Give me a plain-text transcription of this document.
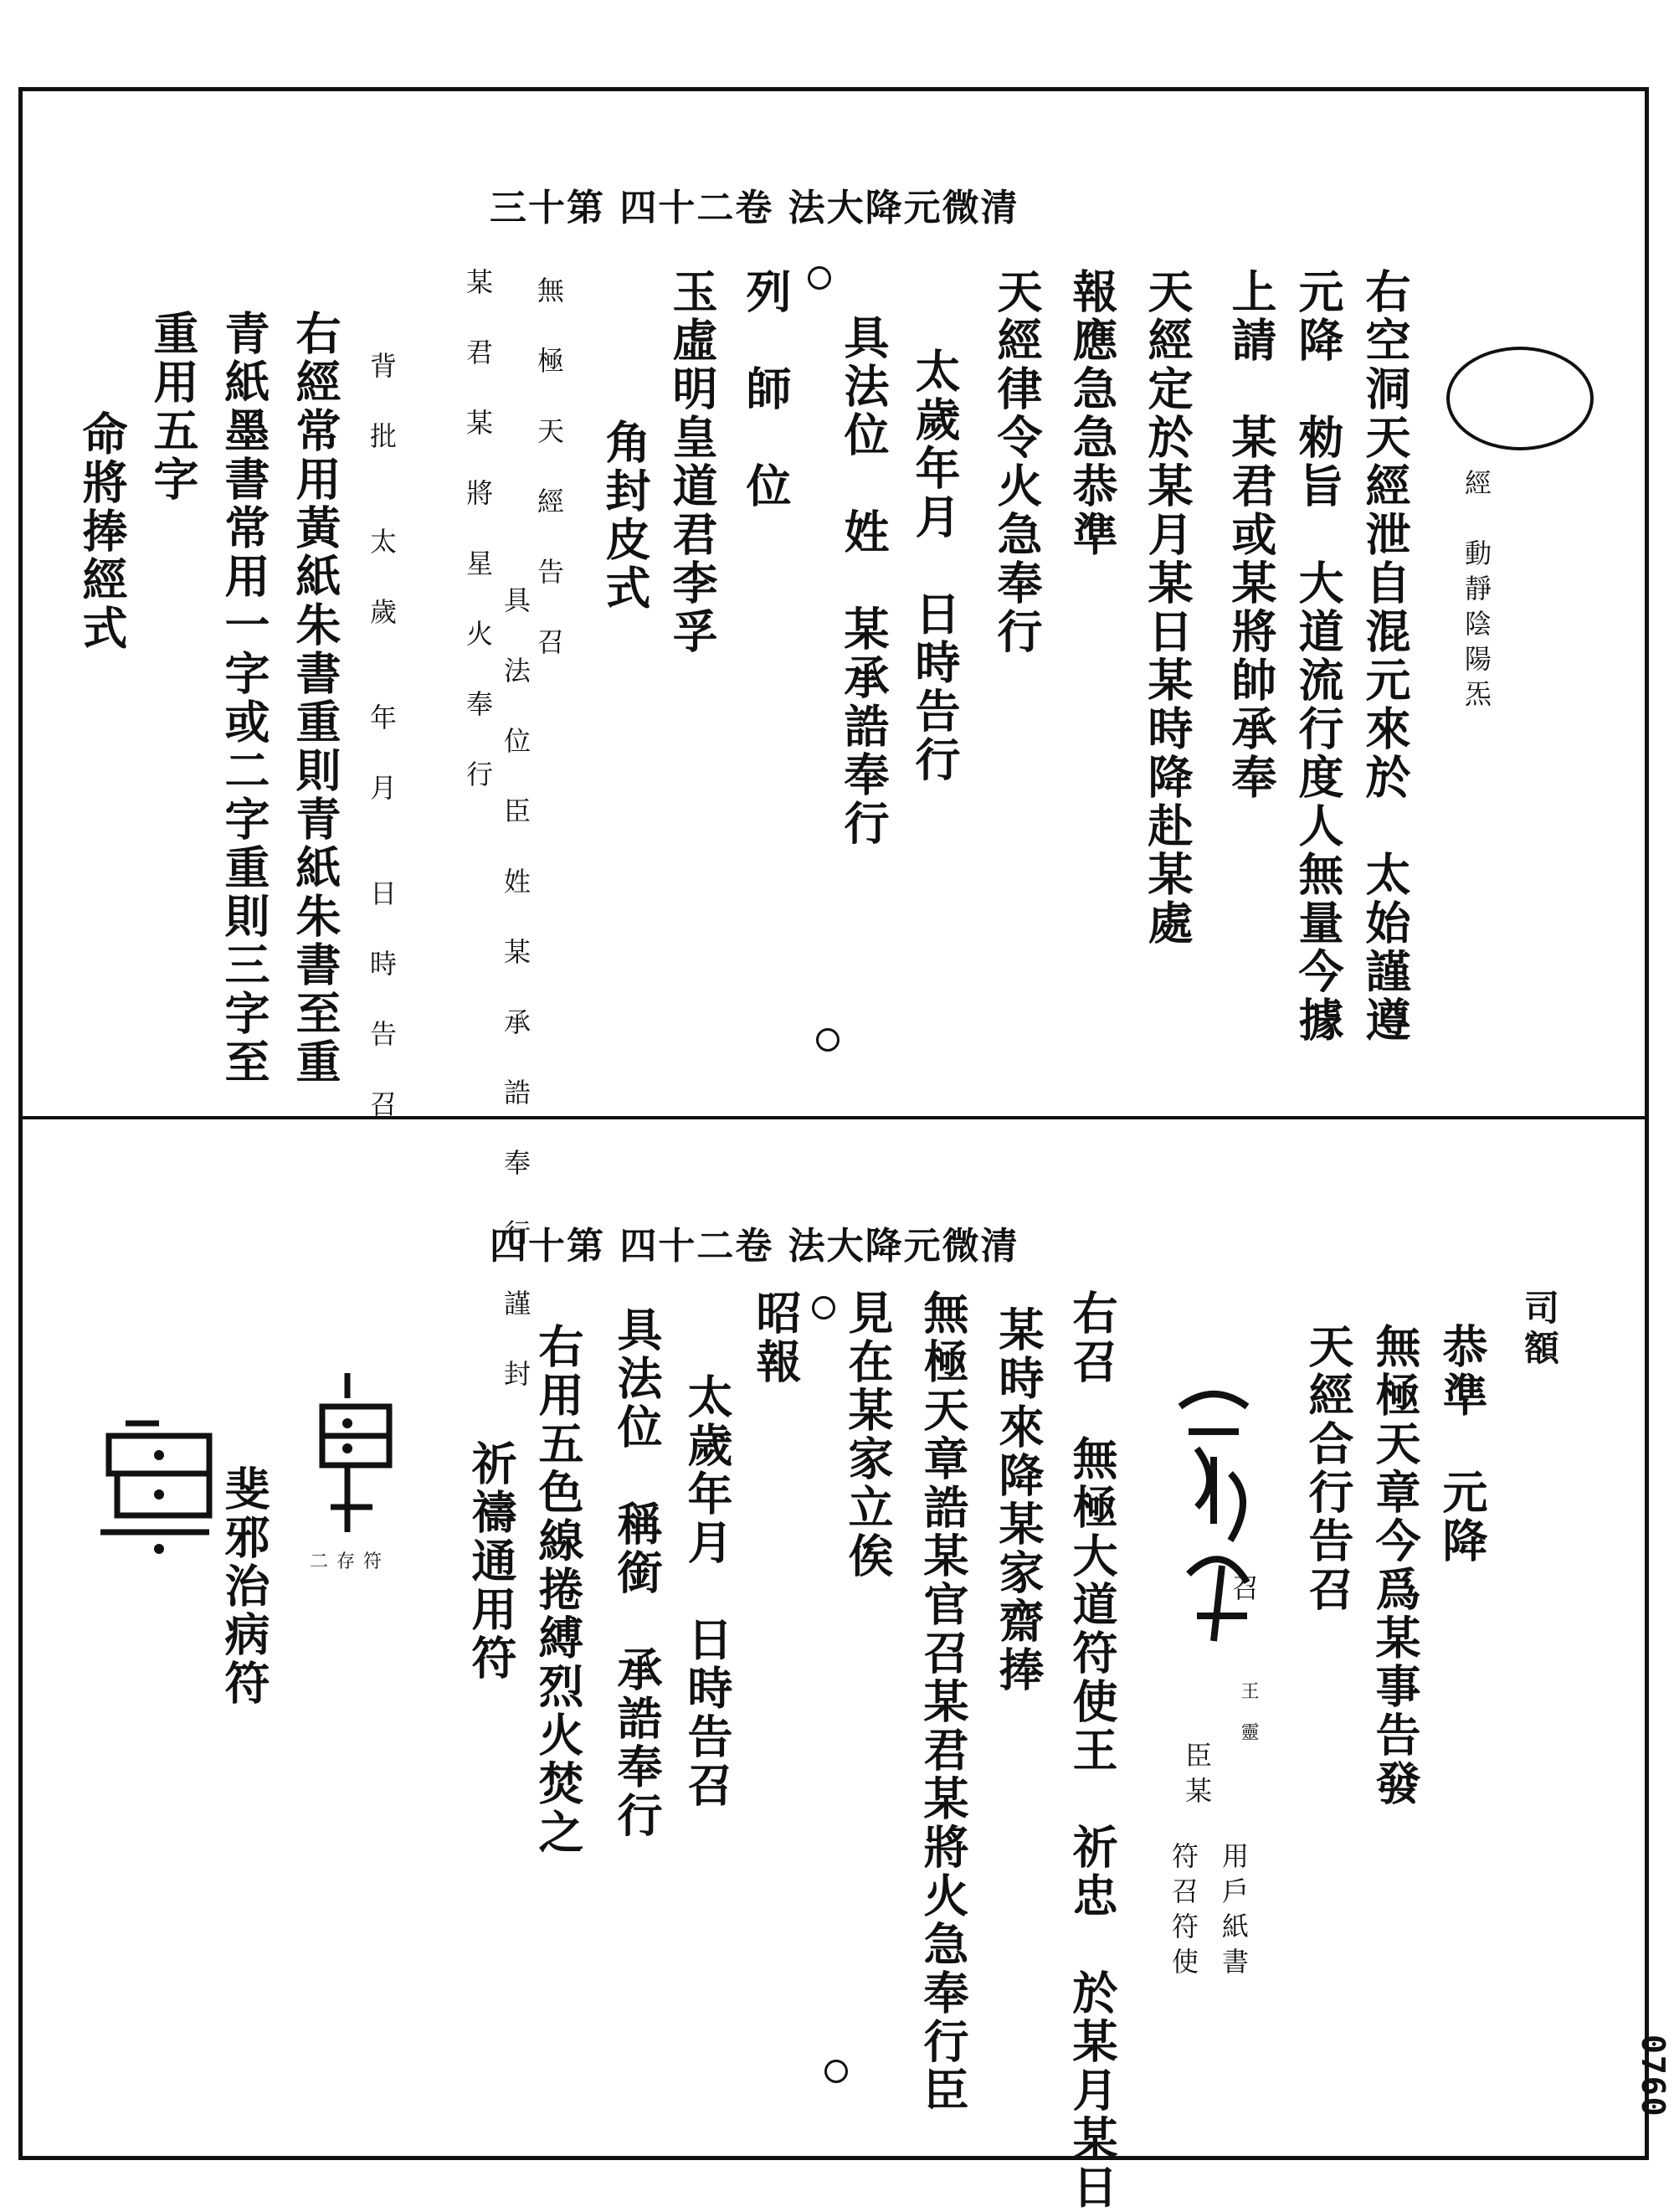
0760
清微元降大法 卷二十四 第十三
經　動靜陰陽炁
右空洞天經泄自混元來於　太始謹遵
元降　勑旨　大道流行度人無量今據
上請　某君或某將帥承奉
天經定於某月某日某時降赴某處
報應急急恭準
天經律令火急奉行
太歲年月　日時告行
具法位　姓　某承誥奉行
列　師　位
玉虛明皇道君李孚
角封皮式
無　極　天　經　告　召
具　法　位　臣　姓　某　承　誥　奉　行　謹　封
某　君　某　將　星　火　奉　行
背　批　　太　歲　　年　月　　日　時　告　召
右經常用黃紙朱書重則青紙朱書至重
青紙墨書常用一字或二字重則三字至
重用五字
命將捧經式
清微元降大法 卷二十四 第十四
司額
恭準　元降
無極天章今爲某事告發
天經合行告召
召
王 靈
臣某
符召符使 用戶紙書
右召　無極大道符使王　祈忠　於某月某日
某時來降某家齋捧
無極天章誥某官召某君某將火急奉行臣
見在某家立俟
昭報
太歲年月　日時告召
具法位　稱銜　承誥奉行
右用五色線捲縛烈火焚之
祈禱通用符
二存符
斐邪治病符
